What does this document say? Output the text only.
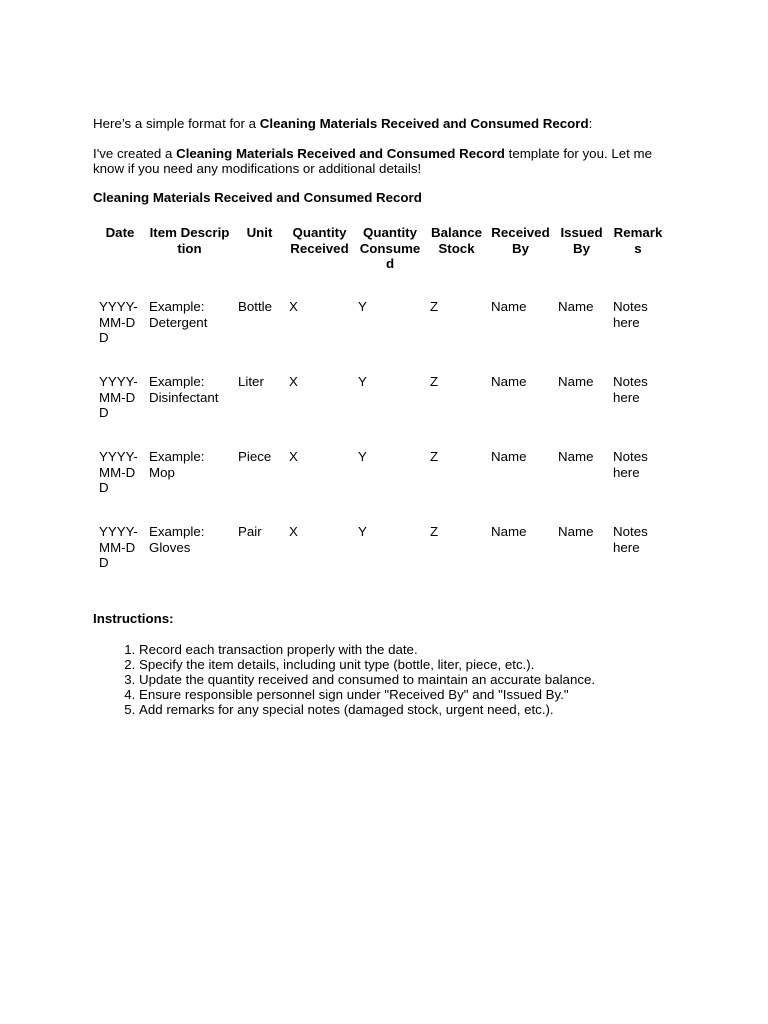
Here’s a simple format for a Cleaning Materials Received and Consumed Record:

I've created a Cleaning Materials Received and Consumed Record template for you. Let me know if you need any modifications or additional details!

Cleaning Materials Received and Consumed Record

Date	Item Description	Unit	Quantity Received	Quantity Consumed	Balance Stock	Received By	Issued By	Remarks
YYYY-MM-DD	Example: Detergent	Bottle	X	Y	Z	Name	Name	Notes here
YYYY-MM-DD	Example: Disinfectant	Liter	X	Y	Z	Name	Name	Notes here
YYYY-MM-DD	Example: Mop	Piece	X	Y	Z	Name	Name	Notes here
YYYY-MM-DD	Example: Gloves	Pair	X	Y	Z	Name	Name	Notes here

Instructions:

1. Record each transaction properly with the date.
2. Specify the item details, including unit type (bottle, liter, piece, etc.).
3. Update the quantity received and consumed to maintain an accurate balance.
4. Ensure responsible personnel sign under "Received By" and "Issued By."
5. Add remarks for any special notes (damaged stock, urgent need, etc.).
